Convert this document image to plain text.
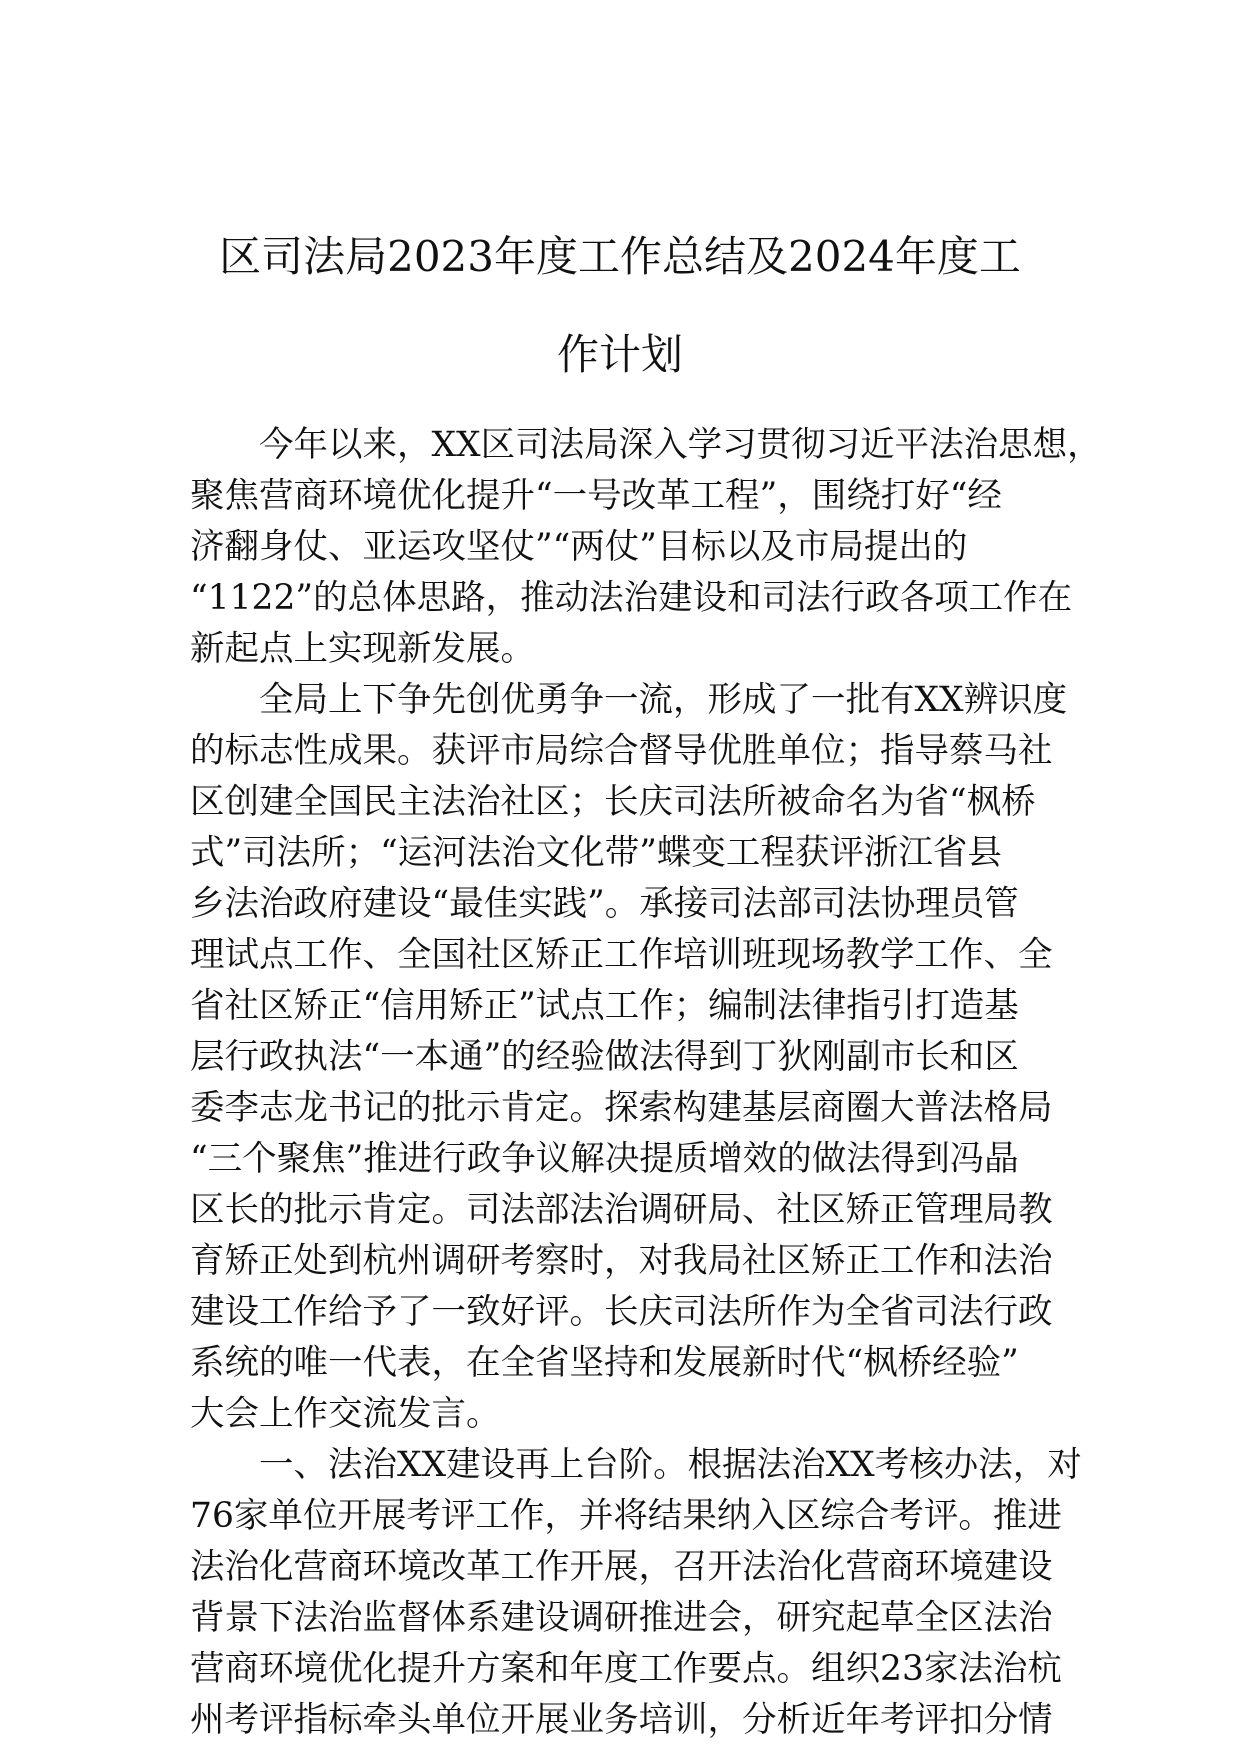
区司法局2023年度工作总结及2024年度工
作计划
今年以来，XX区司法局深入学习贯彻习近平法治思想，
聚焦营商环境优化提升“一号改革工程”，围绕打好“经
济翻身仗、亚运攻坚仗”“两仗”目标以及市局提出的
“1122”的总体思路，推动法治建设和司法行政各项工作在
新起点上实现新发展。
全局上下争先创优勇争一流，形成了一批有XX辨识度
的标志性成果。获评市局综合督导优胜单位；指导蔡马社
区创建全国民主法治社区；长庆司法所被命名为省“枫桥
式”司法所；“运河法治文化带”蝶变工程获评浙江省县
乡法治政府建设“最佳实践”。承接司法部司法协理员管
理试点工作、全国社区矫正工作培训班现场教学工作、全
省社区矫正“信用矫正”试点工作；编制法律指引打造基
层行政执法“一本通”的经验做法得到丁狄刚副市长和区
委李志龙书记的批示肯定。探索构建基层商圈大普法格局
“三个聚焦”推进行政争议解决提质增效的做法得到冯晶
区长的批示肯定。司法部法治调研局、社区矫正管理局教
育矫正处到杭州调研考察时，对我局社区矫正工作和法治
建设工作给予了一致好评。长庆司法所作为全省司法行政
系统的唯一代表，在全省坚持和发展新时代“枫桥经验”
大会上作交流发言。
一、法治XX建设再上台阶。根据法治XX考核办法，对
76家单位开展考评工作，并将结果纳入区综合考评。推进
法治化营商环境改革工作开展，召开法治化营商环境建设
背景下法治监督体系建设调研推进会，研究起草全区法治
营商环境优化提升方案和年度工作要点。组织23家法治杭
州考评指标牵头单位开展业务培训，分析近年考评扣分情
